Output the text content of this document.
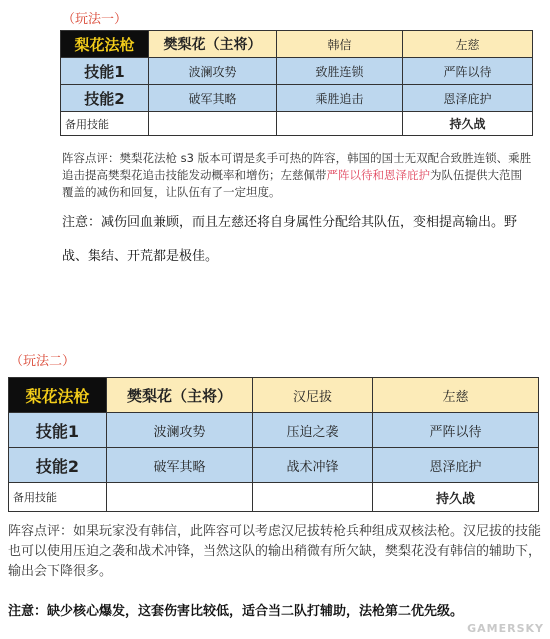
（玩法一）
梨花法枪	樊梨花（主将）	韩信	左慈
技能1	波澜攻势	致胜连锁	严阵以待
技能2	破军其略	乘胜追击	恩泽庇护
备用技能			持久战
阵容点评：樊梨花法枪 s3 版本可谓是炙手可热的阵容，韩国的国士无双配合致胜连锁、乘胜追击提高樊梨花追击技能发动概率和增伤；左慈佩带严阵以待和恩泽庇护为队伍提供大范围覆盖的减伤和回复，让队伍有了一定坦度。
注意：减伤回血兼顾，而且左慈还将自身属性分配给其队伍，变相提高输出。野战、集结、开荒都是极佳。
（玩法二）
梨花法枪	樊梨花（主将）	汉尼拔	左慈
技能1	波澜攻势	压迫之袭	严阵以待
技能2	破军其略	战术冲锋	恩泽庇护
备用技能			持久战
阵容点评：如果玩家没有韩信，此阵容可以考虑汉尼拔转枪兵种组成双核法枪。汉尼拔的技能也可以使用压迫之袭和战术冲锋，当然这队的输出稍微有所欠缺，樊梨花没有韩信的辅助下，输出会下降很多。
注意：缺少核心爆发，这套伤害比较低，适合当二队打辅助，法枪第二优先级。
GAMERSKY
